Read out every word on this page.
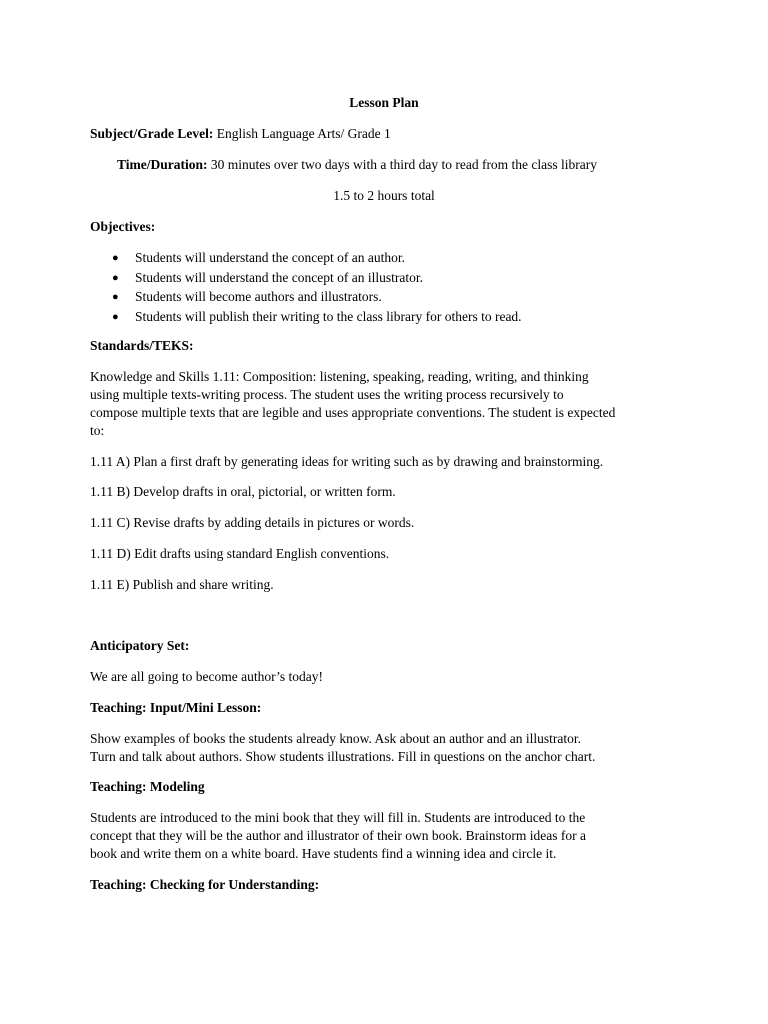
Lesson Plan
Subject/Grade Level: English Language Arts/ Grade 1
Time/Duration: 30 minutes over two days with a third day to read from the class library
1.5 to 2 hours total
Objectives:
● Students will understand the concept of an author.
● Students will understand the concept of an illustrator.
● Students will become authors and illustrators.
● Students will publish their writing to the class library for others to read.
Standards/TEKS:
Knowledge and Skills 1.11: Composition: listening, speaking, reading, writing, and thinking
using multiple texts-writing process. The student uses the writing process recursively to
compose multiple texts that are legible and uses appropriate conventions. The student is expected
to:
1.11 A) Plan a first draft by generating ideas for writing such as by drawing and brainstorming.
1.11 B) Develop drafts in oral, pictorial, or written form.
1.11 C) Revise drafts by adding details in pictures or words.
1.11 D) Edit drafts using standard English conventions.
1.11 E) Publish and share writing.
Anticipatory Set:
We are all going to become author’s today!
Teaching: Input/Mini Lesson:
Show examples of books the students already know. Ask about an author and an illustrator.
Turn and talk about authors. Show students illustrations. Fill in questions on the anchor chart.
Teaching: Modeling
Students are introduced to the mini book that they will fill in. Students are introduced to the
concept that they will be the author and illustrator of their own book. Brainstorm ideas for a
book and write them on a white board. Have students find a winning idea and circle it.
Teaching: Checking for Understanding:
